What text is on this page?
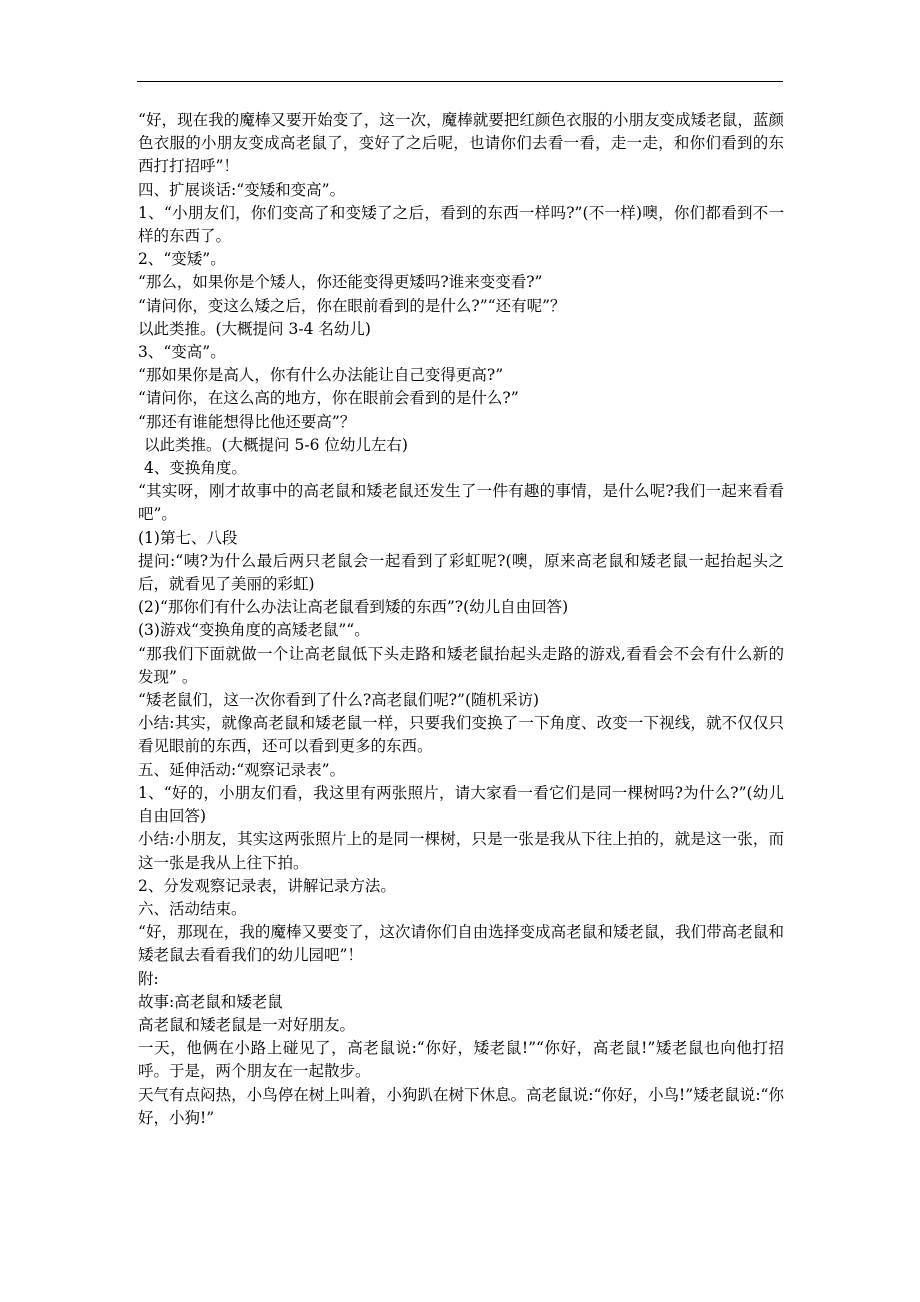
“好，现在我的魔棒又要开始变了，这一次，魔棒就要把红颜色衣服的小朋友变成矮老鼠，蓝颜色衣服的小朋友变成高老鼠了，变好了之后呢，也请你们去看一看，走一走，和你们看到的东西打打招呼”！

四、扩展谈话:“变矮和变高”。

1、“小朋友们，你们变高了和变矮了之后，看到的东西一样吗?”(不一样)噢，你们都看到不一样的东西了。

2、“变矮”。

“那么，如果你是个矮人，你还能变得更矮吗?谁来变变看?”

“请问你，变这么矮之后，你在眼前看到的是什么?”“还有呢”？

以此类推。(大概提问 3-4 名幼儿)

3、“变高”。

“那如果你是高人，你有什么办法能让自己变得更高?”

“请问你，在这么高的地方，你在眼前会看到的是什么?”

“那还有谁能想得比他还要高”？

以此类推。(大概提问 5-6 位幼儿左右)

4、变换角度。

“其实呀，刚才故事中的高老鼠和矮老鼠还发生了一件有趣的事情，是什么呢?我们一起来看看吧”。

(1)第七、八段

提问:“咦?为什么最后两只老鼠会一起看到了彩虹呢?(噢，原来高老鼠和矮老鼠一起抬起头之后，就看见了美丽的彩虹)

(2)“那你们有什么办法让高老鼠看到矮的东西”?(幼儿自由回答)

(3)游戏“变换角度的高矮老鼠”“。

“那我们下面就做一个让高老鼠低下头走路和矮老鼠抬起头走路的游戏,看看会不会有什么新的发现” 。

“矮老鼠们，这一次你看到了什么?高老鼠们呢?”(随机采访)

小结:其实，就像高老鼠和矮老鼠一样，只要我们变换了一下角度、改变一下视线，就不仅仅只看见眼前的东西，还可以看到更多的东西。

五、延伸活动:“观察记录表”。

1、“好的，小朋友们看，我这里有两张照片，请大家看一看它们是同一棵树吗?为什么?”(幼儿自由回答)

小结:小朋友，其实这两张照片上的是同一棵树，只是一张是我从下往上拍的，就是这一张，而这一张是我从上往下拍。

2、分发观察记录表，讲解记录方法。

六、活动结束。

“好，那现在，我的魔棒又要变了，这次请你们自由选择变成高老鼠和矮老鼠，我们带高老鼠和矮老鼠去看看我们的幼儿园吧”！

附:

故事:高老鼠和矮老鼠

高老鼠和矮老鼠是一对好朋友。

一天，他俩在小路上碰见了，高老鼠说:“你好，矮老鼠!”“你好，高老鼠!”矮老鼠也向他打招呼。于是，两个朋友在一起散步。

天气有点闷热，小鸟停在树上叫着，小狗趴在树下休息。高老鼠说:“你好，小鸟!”矮老鼠说:“你好，小狗!”
